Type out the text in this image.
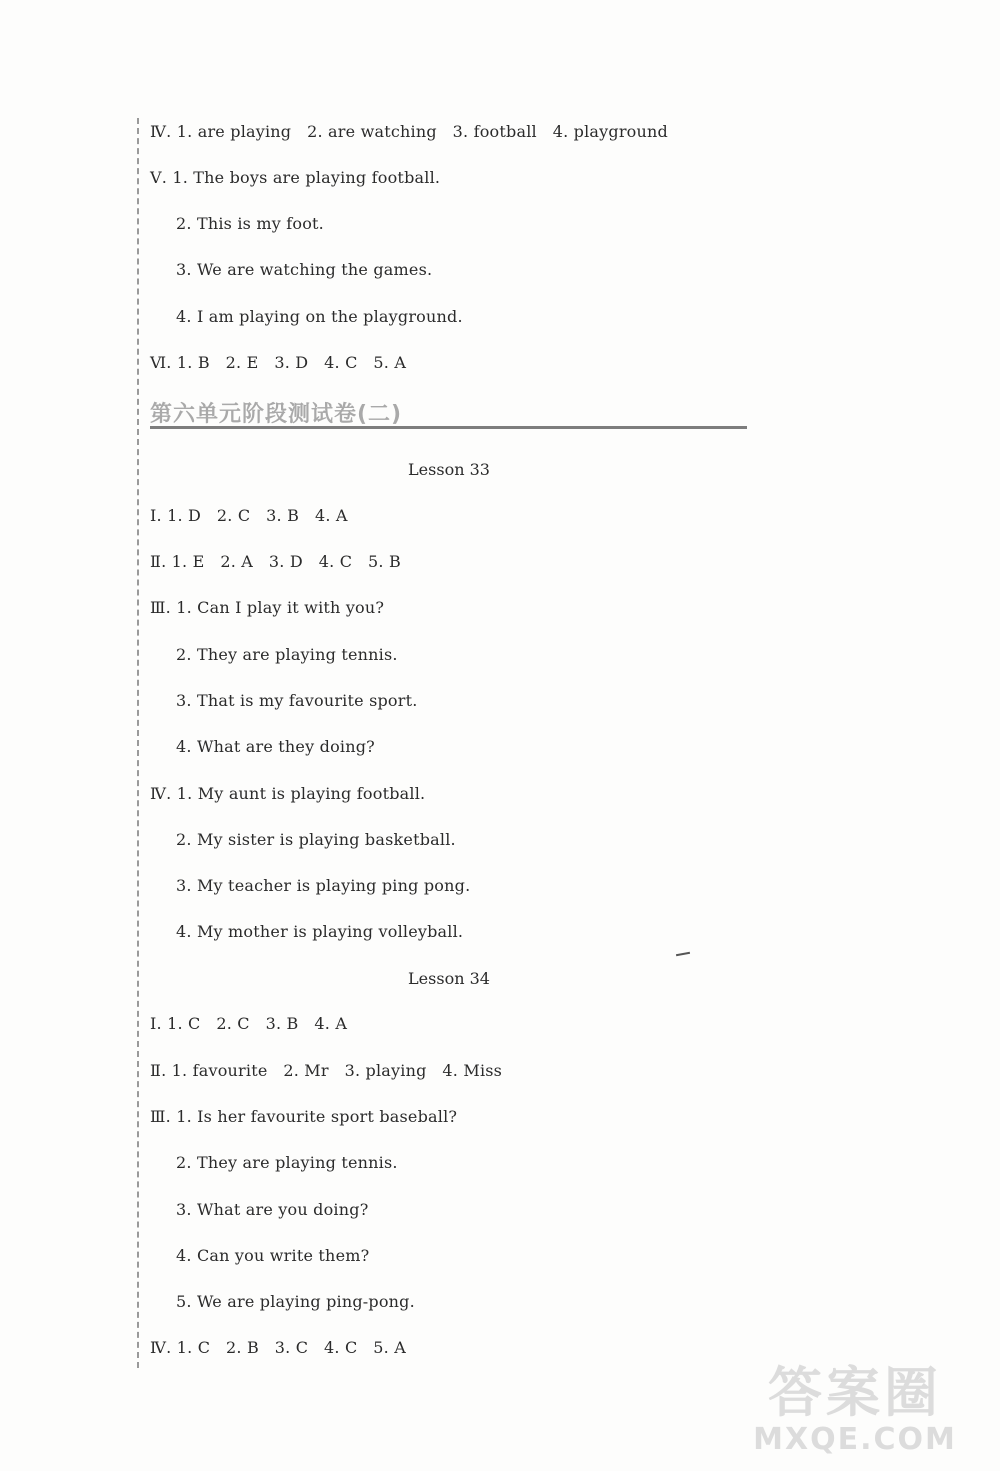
Ⅳ. 1. are playing   2. are watching   3. football   4. playground
Ⅴ. 1. The boys are playing football.
2. This is my foot.
3. We are watching the games.
4. I am playing on the playground.
Ⅵ. 1. B   2. E   3. D   4. C   5. A
第六单元阶段测试卷(二)
Lesson 33
Ⅰ. 1. D   2. C   3. B   4. A
Ⅱ. 1. E   2. A   3. D   4. C   5. B
Ⅲ. 1. Can I play it with you?
2. They are playing tennis.
3. That is my favourite sport.
4. What are they doing?
Ⅳ. 1. My aunt is playing football.
2. My sister is playing basketball.
3. My teacher is playing ping pong.
4. My mother is playing volleyball.
Lesson 34
Ⅰ. 1. C   2. C   3. B   4. A
Ⅱ. 1. favourite   2. Mr   3. playing   4. Miss
Ⅲ. 1. Is her favourite sport baseball?
2. They are playing tennis.
3. What are you doing?
4. Can you write them?
5. We are playing ping-pong.
Ⅳ. 1. C   2. B   3. C   4. C   5. A
答案圈
MXQE.COM
